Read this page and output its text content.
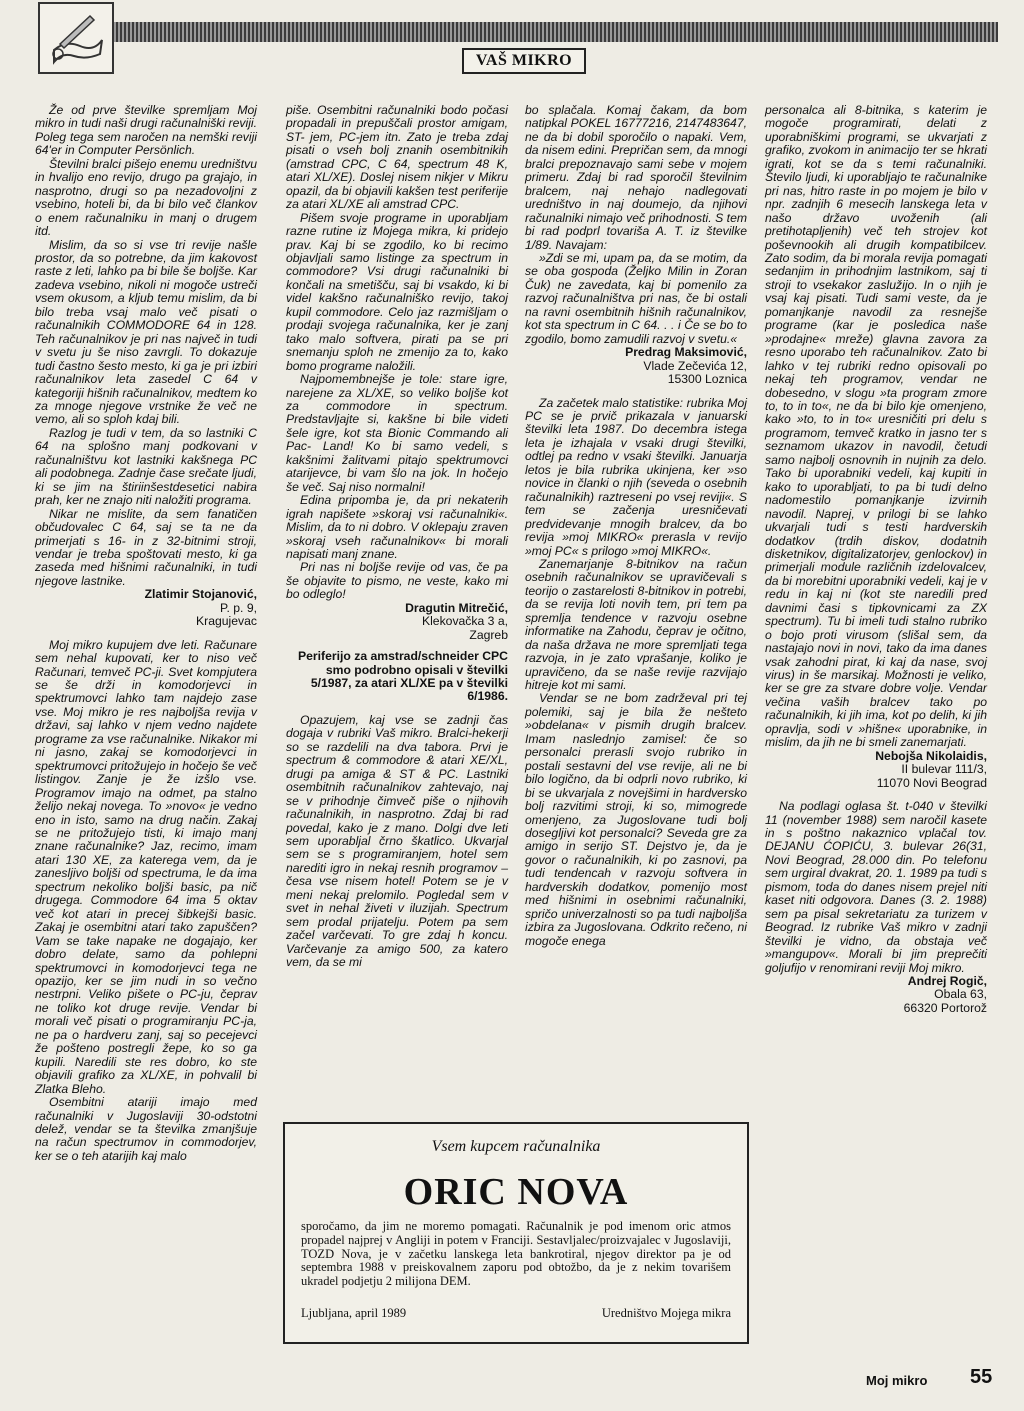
VAŠ MIKRO

Že od prve številke spremljam Moj mikro in tudi naši drugi računalniški reviji. Poleg tega sem naročen na nemški reviji 64'er in Computer Persönlich.

Številni bralci pišejo enemu uredništvu in hvalijo eno revijo, drugo pa grajajo, in nasprotno, drugi so pa nezadovoljni z vsebino, hoteli bi, da bi bilo več člankov o enem računalniku in manj o drugem itd.

Mislim, da so si vse tri revije našle prostor, da so potrebne, da jim kakovost raste z leti, lahko pa bi bile še boljše. Kar zadeva vsebino, nikoli ni mogoče ustreči vsem okusom, a kljub temu mislim, da bi bilo treba vsaj malo več pisati o računalnikih COMMODORE 64 in 128. Teh računalnikov je pri nas največ in tudi v svetu ju še niso zavrgli. To dokazuje tudi častno šesto mesto, ki ga je pri izbiri računalnikov leta zasedel C 64 v kategoriji hišnih računalnikov, medtem ko za mnoge njegove vrstnike že več ne vemo, ali so sploh kdaj bili.

Razlog je tudi v tem, da so lastniki C 64 na splošno manj podkovani v računalništvu kot lastniki kakšnega PC ali podobnega. Zadnje čase srečate ljudi, ki se jim na štiriinšestdesetici nabira prah, ker ne znajo niti naložiti programa.

Nikar ne mislite, da sem fanatičen občudovalec C 64, saj se ta ne da primerjati s 16- in z 32-bitnimi stroji, vendar je treba spoštovati mesto, ki ga zaseda med hišnimi računalniki, in tudi njegove lastnike.

Zlatimir Stojanović,

P. p. 9,

Kragujevac

Moj mikro kupujem dve leti. Računare sem nehal kupovati, ker to niso več Računari, temveč PC-ji. Svet kompjutera se še drži in komodorjevci in spektrumovci lahko tam najdejo zase vse. Moj mikro je res najboljša revija v državi, saj lahko v njem vedno najdete programe za vse računalnike. Nikakor mi ni jasno, zakaj se komodorjevci in spektrumovci pritožujejo in hočejo še več listingov. Zanje je že izšlo vse. Programov imajo na odmet, pa stalno želijo nekaj novega. To »novo« je vedno eno in isto, samo na drug način. Zakaj se ne pritožujejo tisti, ki imajo manj znane računalnike? Jaz, recimo, imam atari 130 XE, za katerega vem, da je zanesljivo boljši od spectruma, le da ima spectrum nekoliko boljši basic, pa nič drugega. Commodore 64 ima 5 oktav več kot atari in precej šibkejši basic. Zakaj je osembitni atari tako zapuščen? Vam se take napake ne dogajajo, ker dobro delate, samo da pohlepni spektrumovci in komodorjevci tega ne opazijo, ker se jim nudi in so večno nestrpni. Veliko pišete o PC-ju, čeprav ne toliko kot druge revije. Vendar bi morali več pisati o programiranju PC-ja, ne pa o hardveru zanj, saj so pecejevci že pošteno postregli žepe, ko so ga kupili. Naredili ste res dobro, ko ste objavili grafiko za XL/XE, in pohvalil bi Zlatka Bleho.

Osembitni atariji imajo med računalniki v Jugoslaviji 30-odstotni delež, vendar se ta številka zmanjšuje na račun spectrumov in commodorjev, ker se o teh atarijih kaj malo

piše. Osembitni računalniki bodo počasi propadali in prepuščali prostor amigam, ST- jem, PC-jem itn. Zato je treba zdaj pisati o vseh bolj znanih osembitnikih (amstrad CPC, C 64, spectrum 48 K, atari XL/XE). Doslej nisem nikjer v Mikru opazil, da bi objavili kakšen test periferije za atari XL/XE ali amstrad CPC.

Pišem svoje programe in uporabljam razne rutine iz Mojega mikra, ki pridejo prav. Kaj bi se zgodilo, ko bi recimo objavljali samo listinge za spectrum in commodore? Vsi drugi računalniki bi končali na smetišču, saj bi vsakdo, ki bi videl kakšno računalniško revijo, takoj kupil commodore. Celo jaz razmišljam o prodaji svojega računalnika, ker je zanj tako malo softvera, pirati pa se pri snemanju sploh ne zmenijo za to, kako bomo programe naložili.

Najpomembnejše je tole: stare igre, narejene za XL/XE, so veliko boljše kot za commodore in spectrum. Predstavljajte si, kakšne bi bile videti šele igre, kot sta Bionic Commando ali Pac- Land! Ko bi samo vedeli, s kakšnimi žalitvami pitajo spektrumovci atarijevce, bi vam šlo na jok. In hočejo še več. Saj niso normalni!

Edina pripomba je, da pri nekaterih igrah napišete »skoraj vsi računalniki«. Mislim, da to ni dobro. V oklepaju zraven »skoraj vseh računalnikov« bi morali napisati manj znane.

Pri nas ni boljše revije od vas, če pa še objavite to pismo, ne veste, kako mi bo odleglo!

Dragutin Mitrečić,

Klekovačka 3 a,

Zagreb

Periferijo za amstrad/schneider CPC smo podrobno opisali v številki 5/1987, za atari XL/XE pa v številki 6/1986.

Opazujem, kaj vse se zadnji čas dogaja v rubriki Vaš mikro. Bralci-hekerji so se razdelili na dva tabora. Prvi je spectrum & commodore & atari XE/XL, drugi pa amiga & ST & PC. Lastniki osembitnih računalnikov zahtevajo, naj se v prihodnje čimveč piše o njihovih računalnikih, in nasprotno. Zdaj bi rad povedal, kako je z mano. Dolgi dve leti sem uporabljal črno škatlico. Ukvarjal sem se s programiranjem, hotel sem narediti igro in nekaj resnih programov – česa vse nisem hotel! Potem se je v meni nekaj prelomilo. Pogledal sem v svet in nehal živeti v iluzijah. Spectrum sem prodal prijatelju. Potem pa sem začel varčevati. To gre zdaj h koncu. Varčevanje za amigo 500, za katero vem, da se mi

bo splačala. Komaj čakam, da bom natipkal POKEL 16777216, 2147483647, ne da bi dobil sporočilo o napaki. Vem, da nisem edini. Prepričan sem, da mnogi bralci prepoznavajo sami sebe v mojem primeru. Zdaj bi rad sporočil številnim bralcem, naj nehajo nadlegovati uredništvo in naj doumejo, da njihovi računalniki nimajo več prihodnosti. S tem bi rad podprl tovariša A. T. iz številke 1/89. Navajam:

»Zdi se mi, upam pa, da se motim, da se oba gospoda (Željko Milin in Zoran Čuk) ne zavedata, kaj bi pomenilo za razvoj računalništva pri nas, če bi ostali na ravni osembitnih hišnih računalnikov, kot sta spectrum in C 64. . . i Če se bo to zgodilo, bomo zamudili razvoj v svetu.«

Predrag Maksimović,

Vlade Zečevića 12,

15300 Loznica

Za začetek malo statistike: rubrika Moj PC se je prvič prikazala v januarski številki leta 1987. Do decembra istega leta je izhajala v vsaki drugi številki, odtlej pa redno v vsaki številki. Januarja letos je bila rubrika ukinjena, ker »so novice in članki o njih (seveda o osebnih računalnikih) raztreseni po vsej reviji«. S tem se začenja uresničevati predvidevanje mnogih bralcev, da bo revija »moj MIKRO« prerasla v revijo »moj PC« s prilogo »moj MIKRO«.

Zanemarjanje 8-bitnikov na račun osebnih računalnikov se upravičevali s teorijo o zastarelosti 8-bitnikov in potrebi, da se revija loti novih tem, pri tem pa spremlja tendence v razvoju osebne informatike na Zahodu, čeprav je očitno, da naša država ne more spremljati tega razvoja, in je zato vprašanje, koliko je upravičeno, da se naše revije razvijajo hitreje kot mi sami.

Vendar se ne bom zadrževal pri tej polemiki, saj je bila že nešteto »obdelana« v pismih drugih bralcev. Imam naslednjo zamisel: če so personalci prerasli svojo rubriko in postali sestavni del vse revije, ali ne bi bilo logično, da bi odprli novo rubriko, ki bi se ukvarjala z novejšimi in hardversko bolj razvitimi stroji, ki so, mimogrede omenjeno, za Jugoslovane tudi bolj dosegljivi kot personalci? Seveda gre za amigo in serijo ST. Dejstvo je, da je govor o računalnikih, ki po zasnovi, pa tudi tendencah v razvoju softvera in hardverskih dodatkov, pomenijo most med hišnimi in osebnimi računalniki, spričo univerzalnosti so pa tudi najboljša izbira za Jugoslovana. Odkrito rečeno, ni mogoče enega

personalca ali 8-bitnika, s katerim je mogoče programirati, delati z uporabniškimi programi, se ukvarjati z grafiko, zvokom in animacijo ter se hkrati igrati, kot se da s temi računalniki. Število ljudi, ki uporabljajo te računalnike pri nas, hitro raste in po mojem je bilo v npr. zadnjih 6 mesecih lanskega leta v našo državo uvoženih (ali pretihotapljenih) več teh strojev kot poševnookih ali drugih kompatibilcev. Zato sodim, da bi morala revija pomagati sedanjim in prihodnjim lastnikom, saj ti stroji to vsekakor zaslužijo. In o njih je vsaj kaj pisati. Tudi sami veste, da je pomanjkanje navodil za resnejše programe (kar je posledica naše »prodajne« mreže) glavna zavora za resno uporabo teh računalnikov. Zato bi lahko v tej rubriki redno opisovali po nekaj teh programov, vendar ne dobesedno, v slogu »ta program zmore to, to in to«, ne da bi bilo kje omenjeno, kako »to, to in to« uresničiti pri delu s programom, temveč kratko in jasno ter s seznamom ukazov in navodil, četudi samo najbolj osnovnih in nujnih za delo. Tako bi uporabniki vedeli, kaj kupiti in kako to uporabljati, to pa bi tudi delno nadomestilo pomanjkanje izvirnih navodil. Naprej, v prilogi bi se lahko ukvarjali tudi s testi hardverskih dodatkov (trdih diskov, dodatnih disketnikov, digitalizatorjev, genlockov) in primerjali module različnih izdelovalcev, da bi morebitni uporabniki vedeli, kaj je v redu in kaj ni (kot ste naredili pred davnimi časi s tipkovnicami za ZX spectrum). Tu bi imeli tudi stalno rubriko o bojo proti virusom (slišal sem, da nastajajo novi in novi, tako da ima danes vsak zahodni pirat, ki kaj da nase, svoj virus) in še marsikaj. Možnosti je veliko, ker se gre za stvare dobre volje. Vendar večina vaših bralcev tako po računalnikih, ki jih ima, kot po delih, ki jih opravlja, sodi v »hišne« uporabnike, in mislim, da jih ne bi smeli zanemarjati.

Nebojša Nikolaidis,

II bulevar 111/3,

11070 Novi Beograd

Na podlagi oglasa št. t-040 v številki 11 (november 1988) sem naročil kasete in s poštno nakaznico vplačal tov. DEJANU ĆOPIĆU, 3. bulevar 26(31, Novi Beograd, 28.000 din. Po telefonu sem urgiral dvakrat, 20. 1. 1989 pa tudi s pismom, toda do danes nisem prejel niti kaset niti odgovora. Danes (3. 2. 1988) sem pa pisal sekretariatu za turizem v Beograd. Iz rubrike Vaš mikro v zadnji številki je vidno, da obstaja več »mangupov«. Morali bi jim preprečiti goljufijo v renomirani reviji Moj mikro.

Andrej Rogič,

Obala 63,

66320 Portorož

Vsem kupcem računalnika
ORIC NOVA
sporočamo, da jim ne moremo pomagati. Računalnik je pod imenom oric atmos propadel najprej v Angliji in potem v Franciji. Sestavljalec/proizvajalec v Jugoslaviji, TOZD Nova, je v začetku lanskega leta bankrotiral, njegov direktor pa je od septembra 1988 v preiskovalnem zaporu pod obtožbo, da je z nekim tovarišem ukradel podjetju 2 milijona DEM.
Ljubljana, april 1989	Uredništvo Mojega mikra
Moj mikro 55
